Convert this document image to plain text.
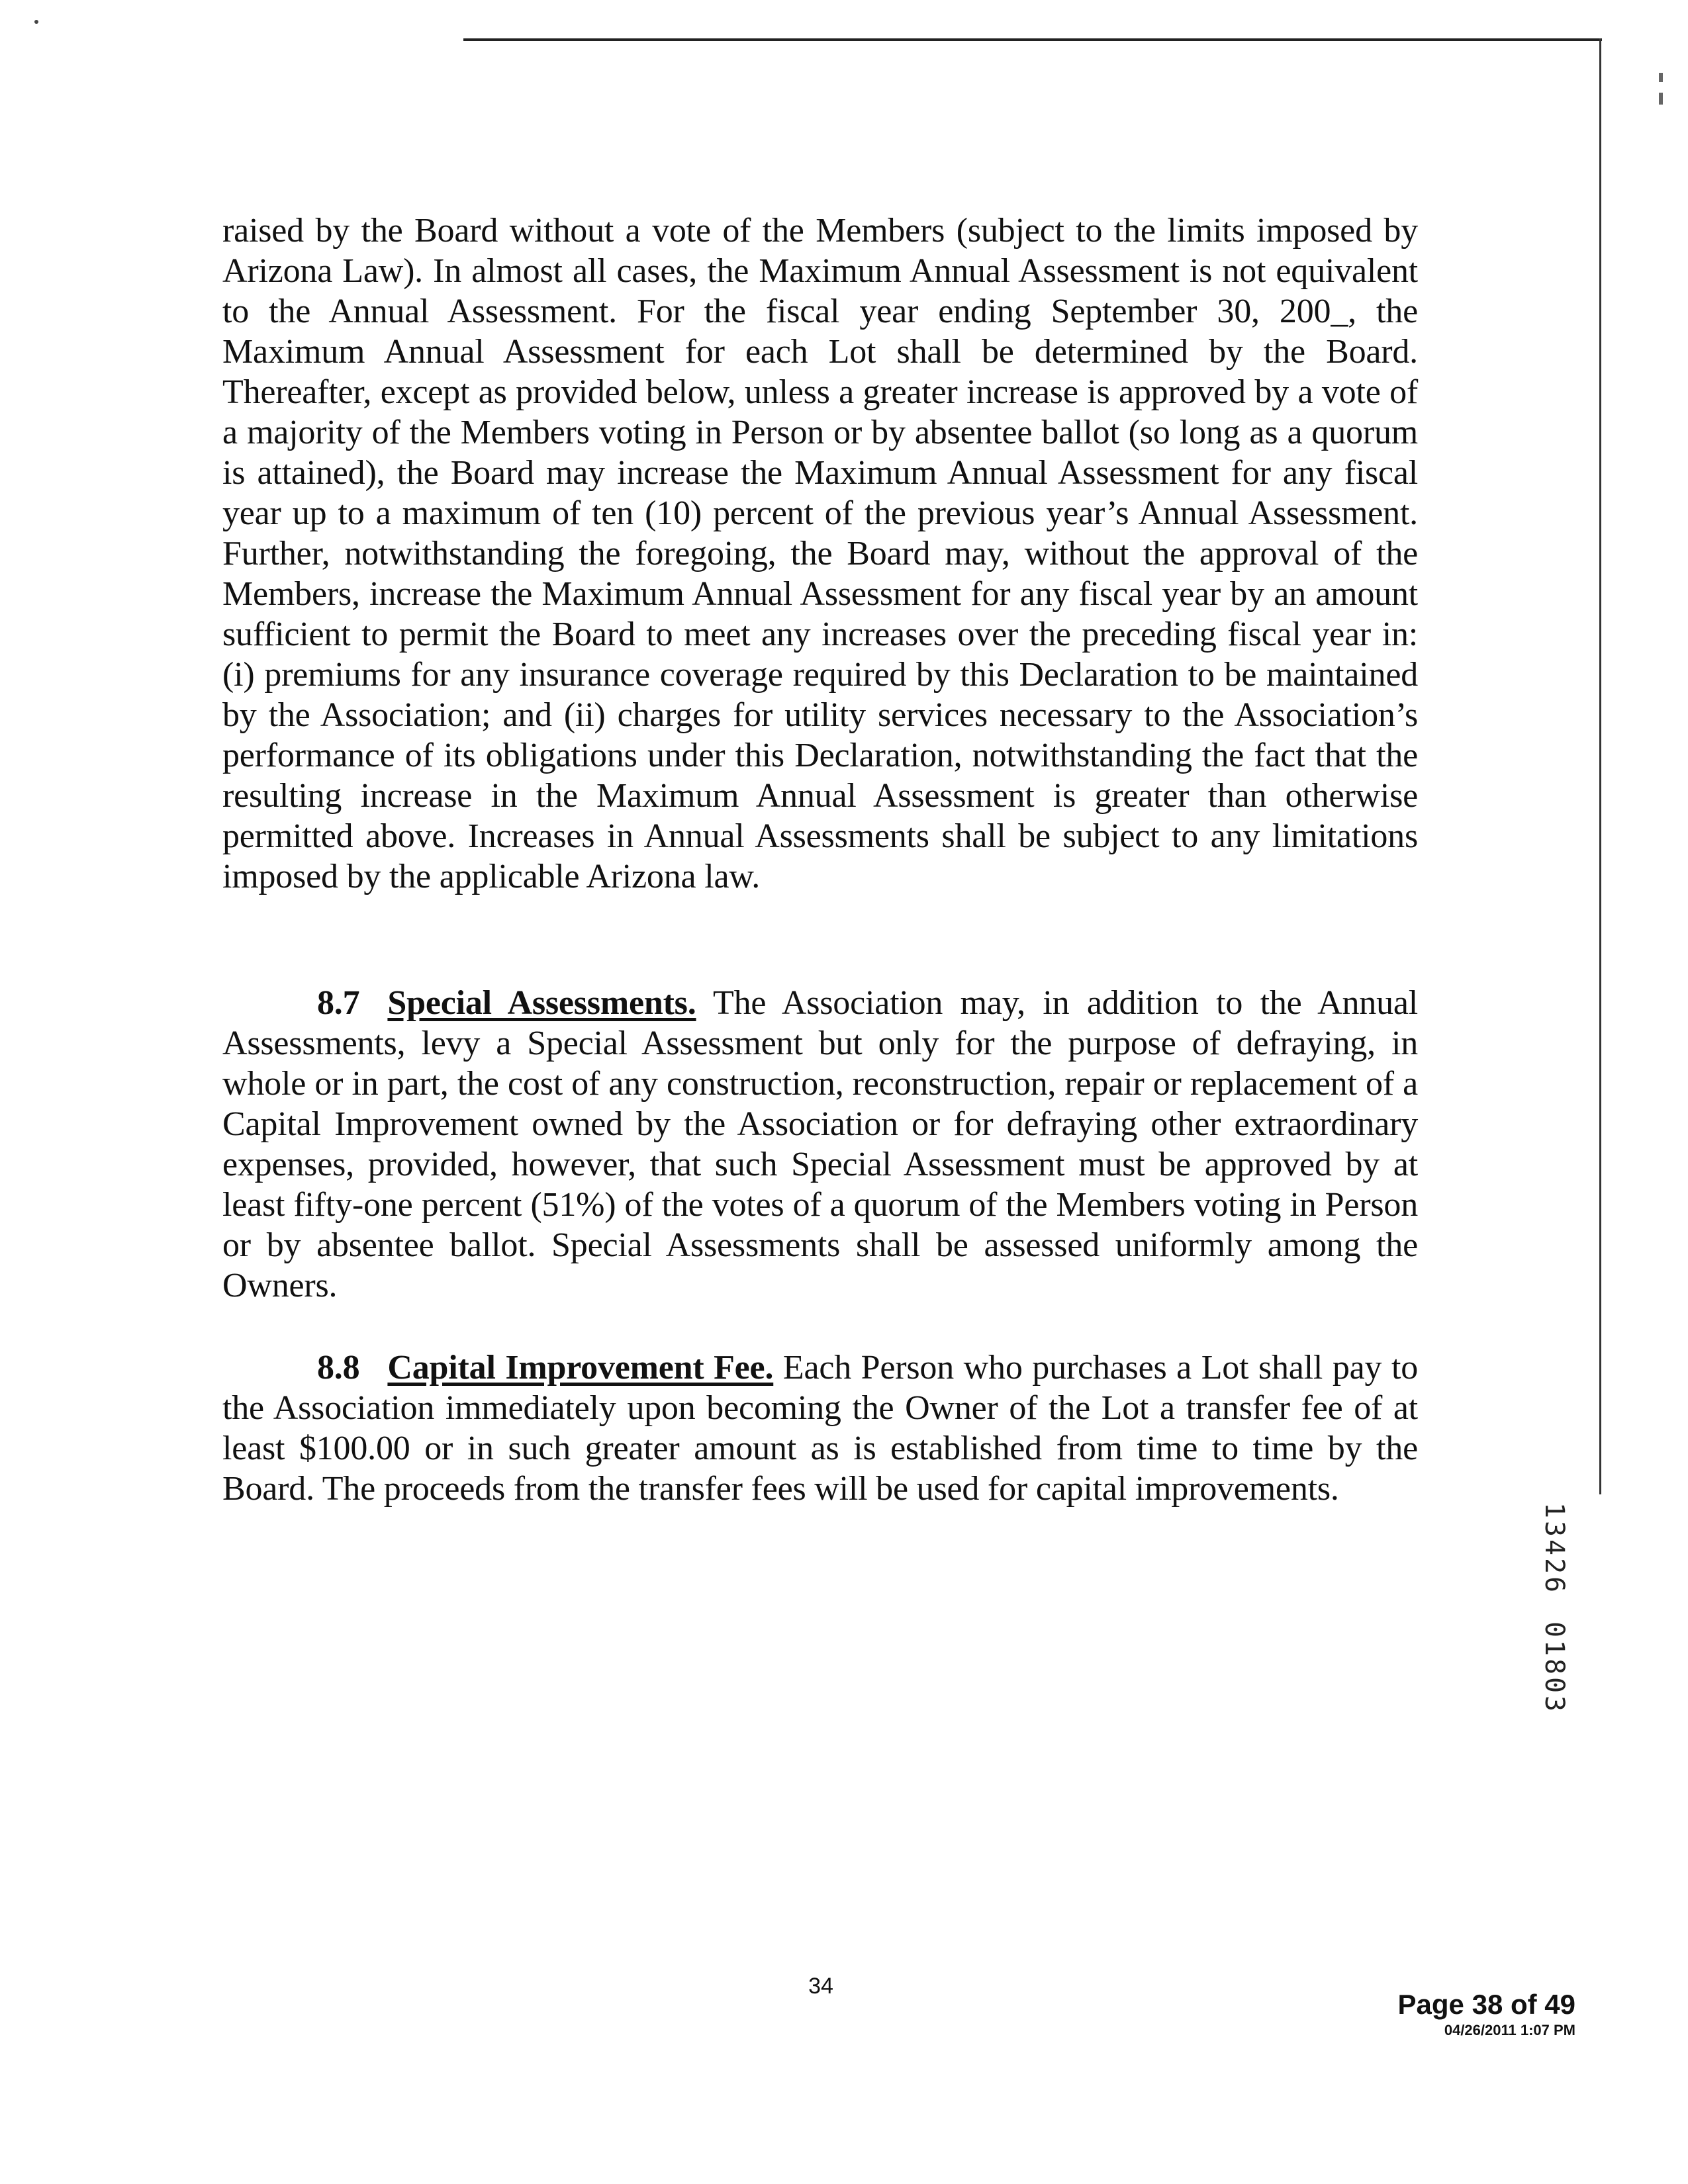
raised by the Board without a vote of the Members (subject to the limits imposed by Arizona Law). In almost all cases, the Maximum Annual Assessment is not equivalent to the Annual Assessment. For the fiscal year ending September 30, 200_, the Maximum Annual Assessment for each Lot shall be determined by the Board. Thereafter, except as provided below, unless a greater increase is approved by a vote of a majority of the Members voting in Person or by absentee ballot (so long as a quorum is attained), the Board may increase the Maximum Annual Assessment for any fiscal year up to a maximum of ten (10) percent of the previous year’s Annual Assessment. Further, notwithstanding the foregoing, the Board may, without the approval of the Members, increase the Maximum Annual Assessment for any fiscal year by an amount sufficient to permit the Board to meet any increases over the preceding fiscal year in: (i) premiums for any insurance coverage required by this Declaration to be maintained by the Association; and (ii) charges for utility services necessary to the Association’s performance of its obligations under this Declaration, notwithstanding the fact that the resulting increase in the Maximum Annual Assessment is greater than otherwise permitted above. Increases in Annual Assessments shall be subject to any limitations imposed by the applicable Arizona law.

8.7 Special Assessments. The Association may, in addition to the Annual Assessments, levy a Special Assessment but only for the purpose of defraying, in whole or in part, the cost of any construction, reconstruction, repair or replacement of a Capital Improvement owned by the Association or for defraying other extraordinary expenses, provided, however, that such Special Assessment must be approved by at least fifty-one percent (51%) of the votes of a quorum of the Members voting in Person or by absentee ballot. Special Assessments shall be assessed uniformly among the Owners.

8.8 Capital Improvement Fee. Each Person who purchases a Lot shall pay to the Association immediately upon becoming the Owner of the Lot a transfer fee of at least $100.00 or in such greater amount as is established from time to time by the Board. The proceeds from the transfer fees will be used for capital improvements.

1
3
4
2
6
0
1
8
0
3
34
Page 38 of 49
04/26/2011 1:07 PM
